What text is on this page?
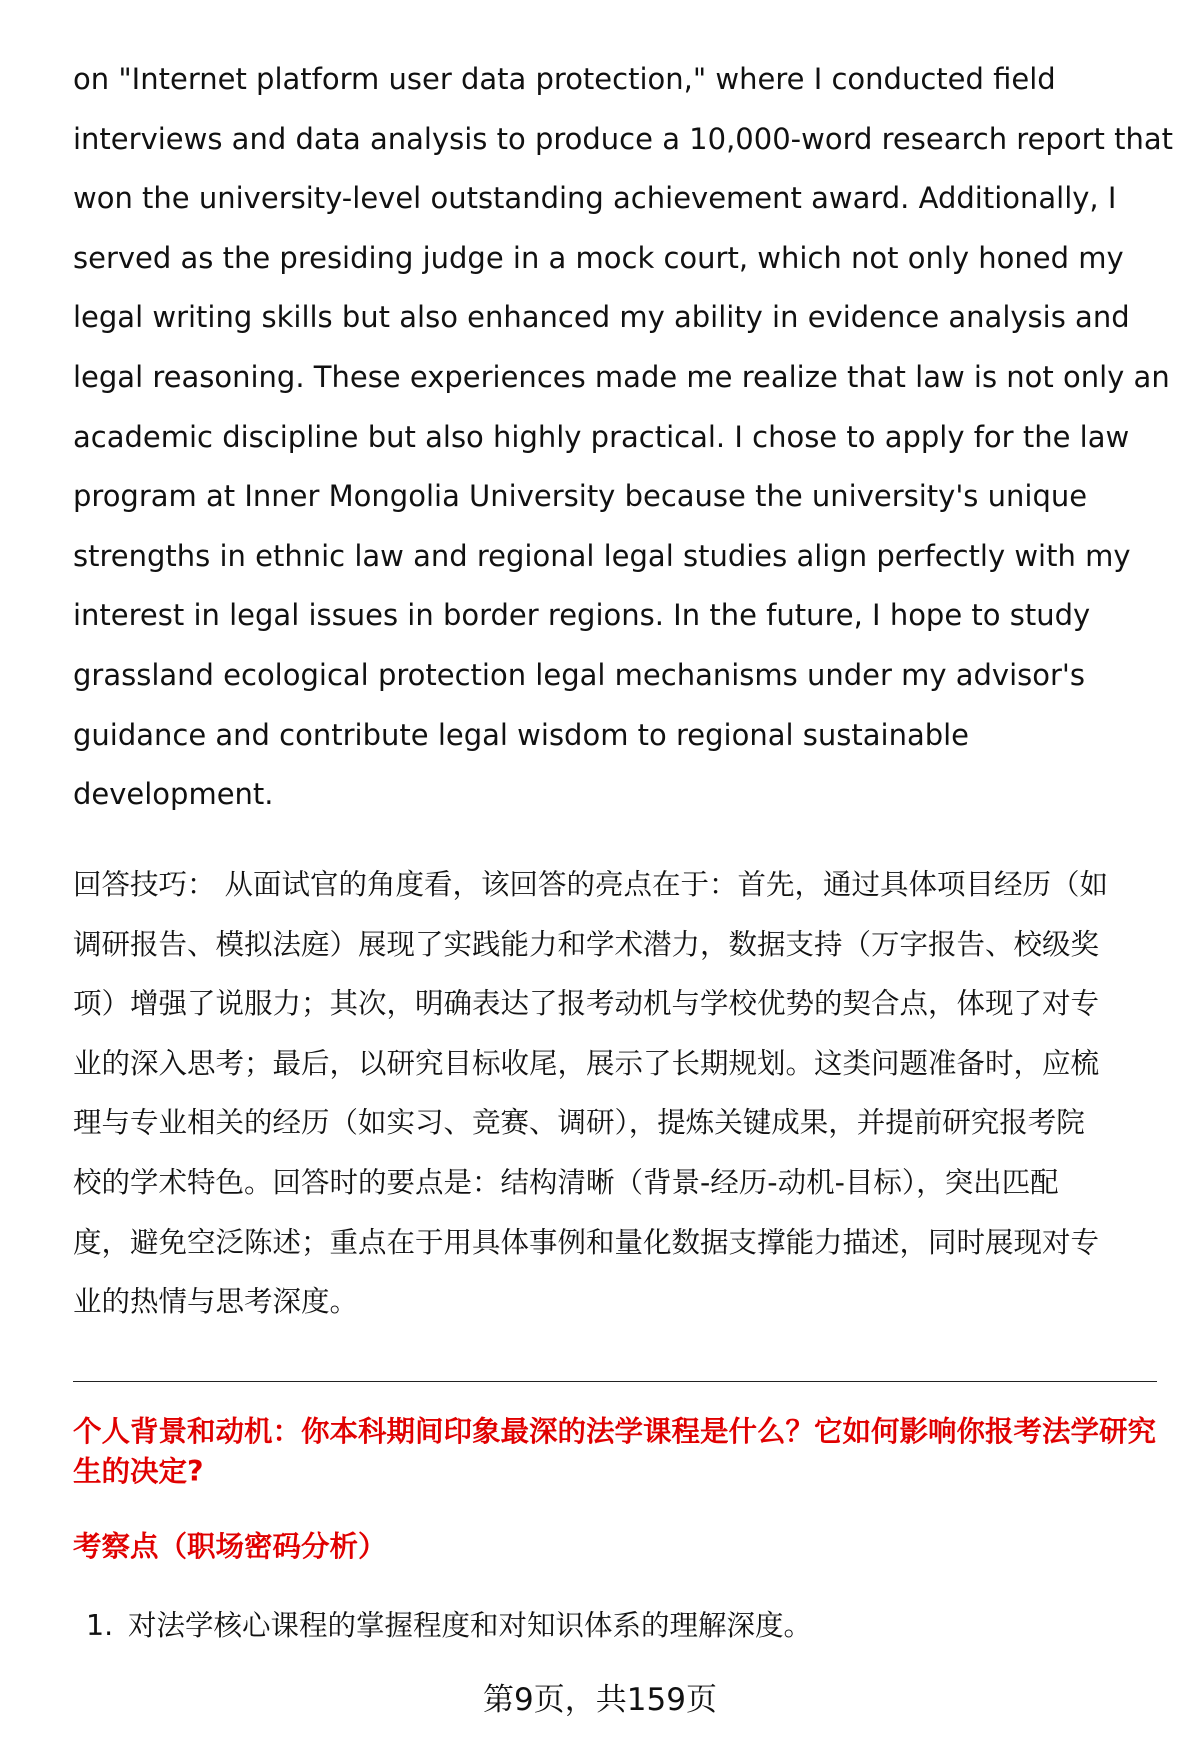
on "Internet platform user data protection," where I conducted field
interviews and data analysis to produce a 10,000-word research report that
won the university-level outstanding achievement award. Additionally, I
served as the presiding judge in a mock court, which not only honed my
legal writing skills but also enhanced my ability in evidence analysis and
legal reasoning. These experiences made me realize that law is not only an
academic discipline but also highly practical. I chose to apply for the law
program at Inner Mongolia University because the university's unique
strengths in ethnic law and regional legal studies align perfectly with my
interest in legal issues in border regions. In the future, I hope to study
grassland ecological protection legal mechanisms under my advisor's
guidance and contribute legal wisdom to regional sustainable
development.
回答技巧： 从面试官的角度看，该回答的亮点在于：首先，通过具体项目经历（如
调研报告、模拟法庭）展现了实践能力和学术潜力，数据支持（万字报告、校级奖
项）增强了说服力；其次，明确表达了报考动机与学校优势的契合点，体现了对专
业的深入思考；最后，以研究目标收尾，展示了长期规划。这类问题准备时，应梳
理与专业相关的经历（如实习、竞赛、调研），提炼关键成果，并提前研究报考院
校的学术特色。回答时的要点是：结构清晰（背景-经历-动机-目标），突出匹配
度，避免空泛陈述；重点在于用具体事例和量化数据支撑能力描述，同时展现对专
业的热情与思考深度。
个人背景和动机：你本科期间印象最深的法学课程是什么？它如何影响你报考法学研究生的决定?
考察点（职场密码分析）
1. 对法学核心课程的掌握程度和对知识体系的理解深度。
第9页，共159页
